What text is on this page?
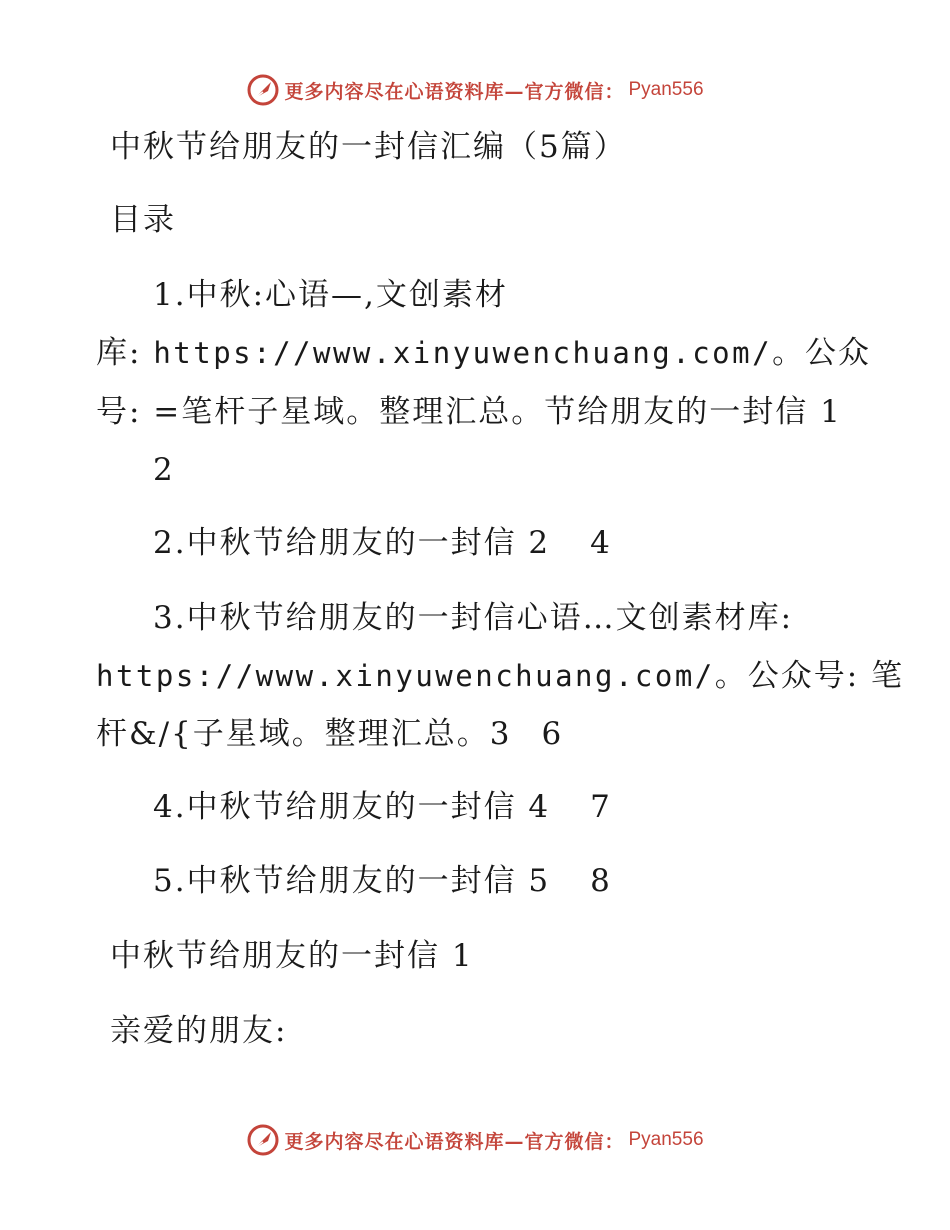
更多内容尽在心语资料库—官方微信： Pyan556
中秋节给朋友的一封信汇编（5篇）
目录
1.中秋:心语—,文创素材
库: https://www.xinyuwenchuang.com/。公众
号: =笔杆子星域。整理汇总。节给朋友的一封信 1
2
2.中秋节给朋友的一封信 2 4
3.中秋节给朋友的一封信心语…文创素材库:
https://www.xinyuwenchuang.com/。公众号: 笔
杆&/{子星域。整理汇总。3 6
4.中秋节给朋友的一封信 4 7
5.中秋节给朋友的一封信 5 8
中秋节给朋友的一封信 1
亲爱的朋友:
更多内容尽在心语资料库—官方微信： Pyan556
